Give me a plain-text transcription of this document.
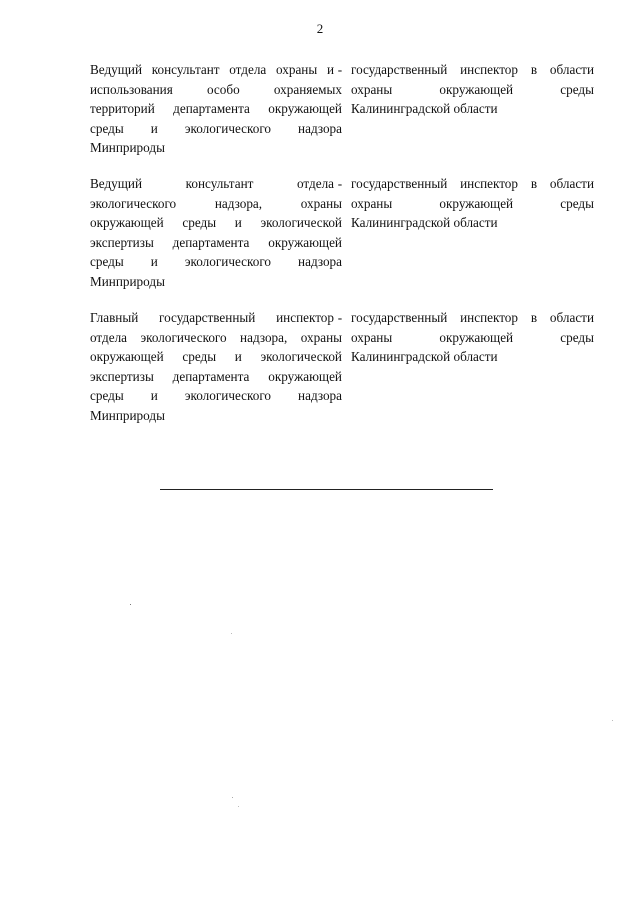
2
Ведущий консультант отдела охраны и
использования особо охраняемых
территорий департамента окружающей
среды и экологического надзора
Минприроды
- государственный инспектор в области
охраны окружающей среды
Калининградской области
Ведущий консультант отдела
экологического надзора, охраны
окружающей среды и экологической
экспертизы департамента окружающей
среды и экологического надзора
Минприроды
- государственный инспектор в области
охраны окружающей среды
Калининградской области
Главный государственный инспектор
отдела экологического надзора, охраны
окружающей среды и экологической
экспертизы департамента окружающей
среды и экологического надзора
Минприроды
- государственный инспектор в области
охраны окружающей среды
Калининградской области
